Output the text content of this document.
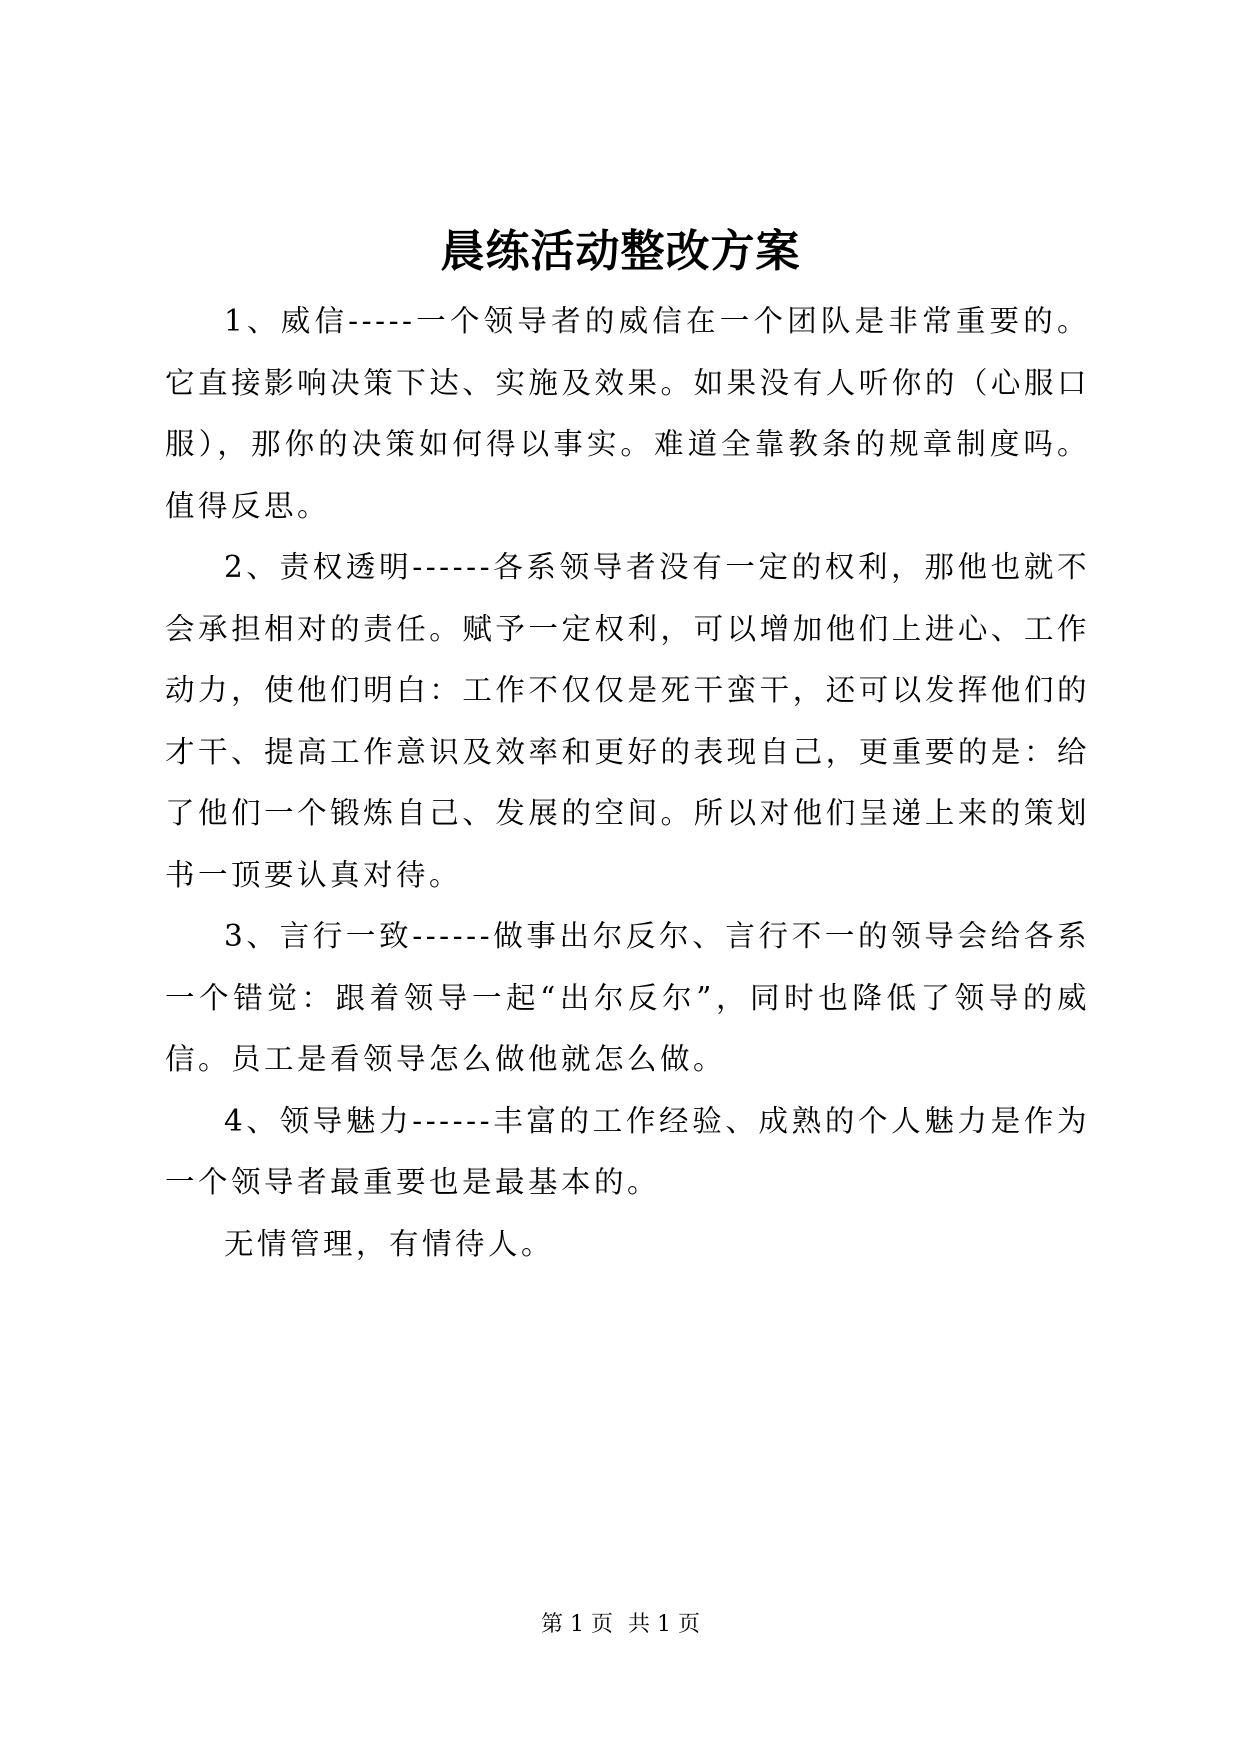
晨练活动整改方案

1、威信-----一个领导者的威信在一个团队是非常重要的。它直接影响决策下达、实施及效果。如果没有人听你的（心服口服），那你的决策如何得以事实。难道全靠教条的规章制度吗。值得反思。

2、责权透明------各系领导者没有一定的权利，那他也就不会承担相对的责任。赋予一定权利，可以增加他们上进心、工作动力，使他们明白：工作不仅仅是死干蛮干，还可以发挥他们的才干、提高工作意识及效率和更好的表现自己，更重要的是：给了他们一个锻炼自己、发展的空间。所以对他们呈递上来的策划书一顶要认真对待。

3、言行一致------做事出尔反尔、言行不一的领导会给各系一个错觉：跟着领导一起“出尔反尔”，同时也降低了领导的威信。员工是看领导怎么做他就怎么做。

4、领导魅力------丰富的工作经验、成熟的个人魅力是作为一个领导者最重要也是最基本的。

无情管理，有情待人。

第 1 页 共 1 页
